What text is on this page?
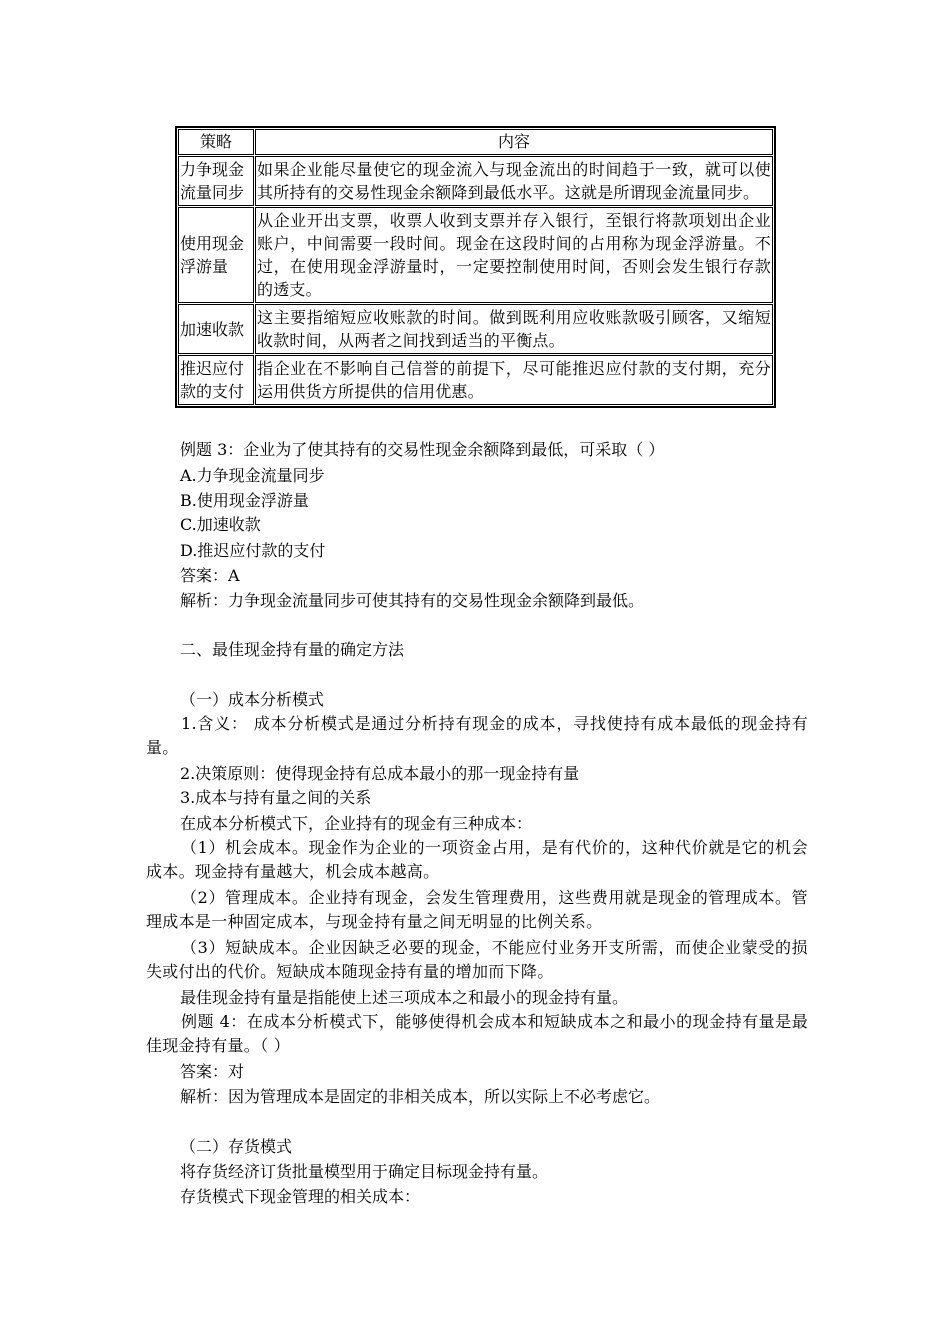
策略	内容
力争现金流量同步	如果企业能尽量使它的现金流入与现金流出的时间趋于一致，就可以使其所持有的交易性现金余额降到最低水平。这就是所谓现金流量同步。
使用现金浮游量	从企业开出支票，收票人收到支票并存入银行，至银行将款项划出企业账户，中间需要一段时间。现金在这段时间的占用称为现金浮游量。不过，在使用现金浮游量时，一定要控制使用时间，否则会发生银行存款的透支。
加速收款	这主要指缩短应收账款的时间。做到既利用应收账款吸引顾客，又缩短收款时间，从两者之间找到适当的平衡点。
推迟应付款的支付	指企业在不影响自己信誉的前提下，尽可能推迟应付款的支付期，充分运用供货方所提供的信用优惠。
例题 3：企业为了使其持有的交易性现金余额降到最低，可采取（ ）
A.力争现金流量同步
B.使用现金浮游量
C.加速收款
D.推迟应付款的支付
答案：A
解析：力争现金流量同步可使其持有的交易性现金余额降到最低。
二、最佳现金持有量的确定方法
（一）成本分析模式
1.含义： 成本分析模式是通过分析持有现金的成本，寻找使持有成本最低的现金持有量。
2.决策原则：使得现金持有总成本最小的那一现金持有量
3.成本与持有量之间的关系
在成本分析模式下，企业持有的现金有三种成本：
（1）机会成本。现金作为企业的一项资金占用，是有代价的，这种代价就是它的机会成本。现金持有量越大，机会成本越高。
（2）管理成本。企业持有现金，会发生管理费用，这些费用就是现金的管理成本。管理成本是一种固定成本，与现金持有量之间无明显的比例关系。
（3）短缺成本。企业因缺乏必要的现金，不能应付业务开支所需，而使企业蒙受的损失或付出的代价。短缺成本随现金持有量的增加而下降。
最佳现金持有量是指能使上述三项成本之和最小的现金持有量。
例题 4：在成本分析模式下，能够使得机会成本和短缺成本之和最小的现金持有量是最佳现金持有量。（ ）
答案：对
解析：因为管理成本是固定的非相关成本，所以实际上不必考虑它。
（二）存货模式
将存货经济订货批量模型用于确定目标现金持有量。
存货模式下现金管理的相关成本：
